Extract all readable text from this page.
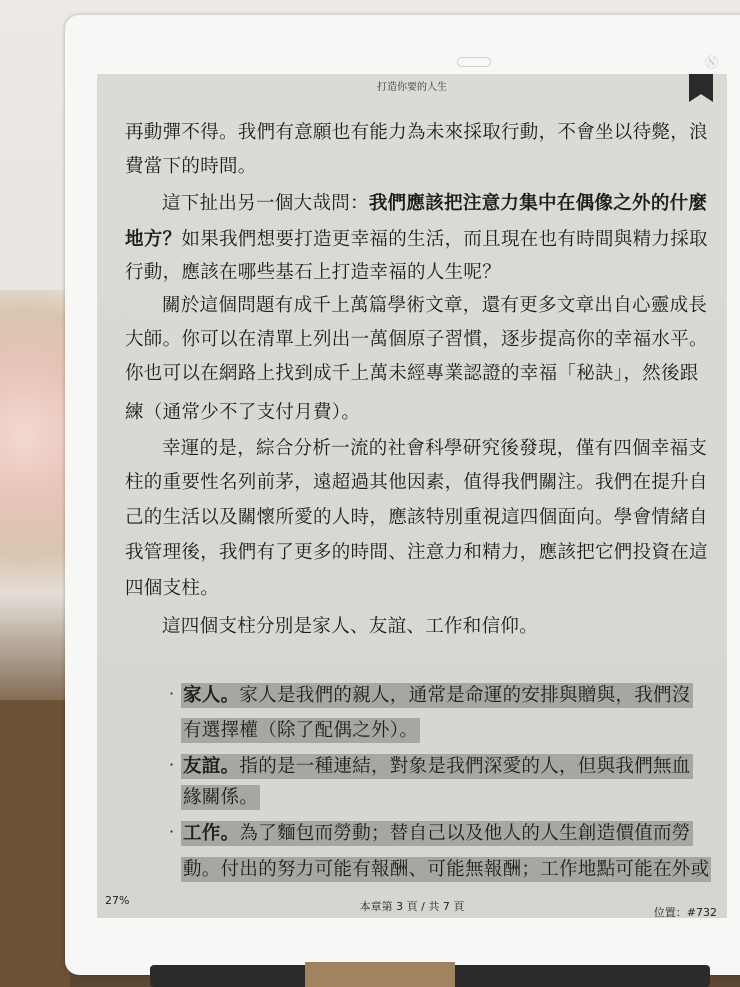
Ⓝ
打造你要的人生
再動彈不得。我們有意願也有能力為未來採取行動，不會坐以待斃，浪
費當下的時間。
這下扯出另一個大哉問：我們應該把注意力集中在偶像之外的什麼
地方？如果我們想要打造更幸福的生活，而且現在也有時間與精力採取
行動，應該在哪些基石上打造幸福的人生呢？
關於這個問題有成千上萬篇學術文章，還有更多文章出自心靈成長
大師。你可以在清單上列出一萬個原子習慣，逐步提高你的幸福水平。
你也可以在網路上找到成千上萬未經專業認證的幸福「秘訣」，然後跟
練（通常少不了支付月費）。
幸運的是，綜合分析一流的社會科學研究後發現，僅有四個幸福支
柱的重要性名列前茅，遠超過其他因素，值得我們關注。我們在提升自
己的生活以及關懷所愛的人時，應該特別重視這四個面向。學會情緒自
我管理後，我們有了更多的時間、注意力和精力，應該把它們投資在這
四個支柱。
這四個支柱分別是家人、友誼、工作和信仰。
· 家人。家人是我們的親人，通常是命運的安排與贈與，我們沒
有選擇權（除了配偶之外）。
· 友誼。指的是一種連結，對象是我們深愛的人，但與我們無血
緣關係。
· 工作。為了麵包而勞動；替自己以及他人的人生創造價值而勞
動。付出的努力可能有報酬、可能無報酬；工作地點可能在外或
27%	本章第 3 頁 / 共 7 頁	位置：#732
